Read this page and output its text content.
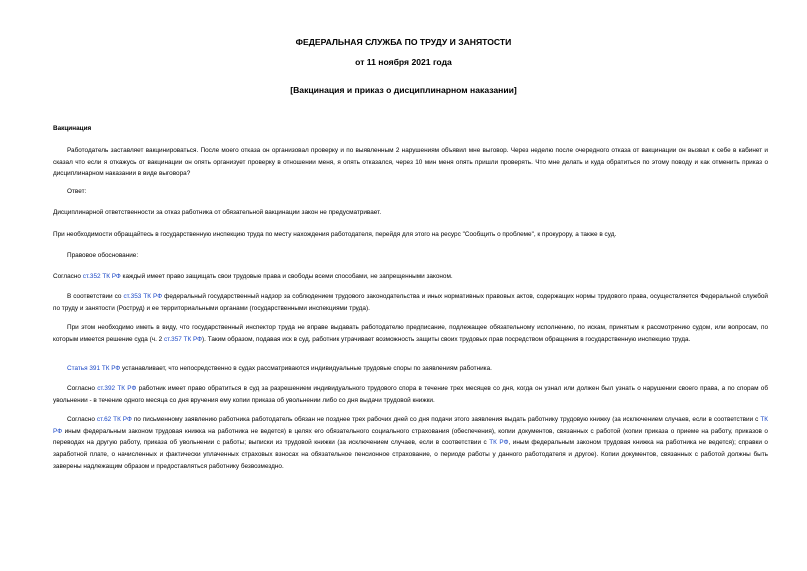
ФЕДЕРАЛЬНАЯ СЛУЖБА ПО ТРУДУ И ЗАНЯТОСТИ
от 11 ноября 2021 года
[Вакцинация и приказ о дисциплинарном наказании]

Вакцинация

Работодатель заставляет вакцинироваться. После моего отказа он организовал проверку и по выявленным 2 нарушениям объявил мне выговор. Через неделю после очередного отказа от вакцинации он вызвал к себе в кабинет и сказал что если я откажусь от вакцинации он опять организует проверку в отношении меня, я опять отказался, через 10 мин меня опять пришли проверять. Что мне делать и куда обратиться по этому поводу и как отменить приказ о дисциплинарном наказании в виде выговора?

Ответ:

Дисциплинарной ответственности за отказ работника от обязательной вакцинации закон не предусматривает.

При необходимости обращайтесь в государственную инспекцию труда по месту нахождения работодателя, перейдя для этого на ресурс "Сообщить о проблеме", к прокурору, а также в суд.

Правовое обоснование:

Согласно ст.352 ТК РФ каждый имеет право защищать свои трудовые права и свободы всеми способами, не запрещенными законом.

В соответствии со ст.353 ТК РФ федеральный государственный надзор за соблюдением трудового законодательства и иных нормативных правовых актов, содержащих нормы трудового права, осуществляется Федеральной службой по труду и занятости (Роструд) и ее территориальными органами (государственными инспекциями труда).

При этом необходимо иметь в виду, что государственный инспектор труда не вправе выдавать работодателю предписание, подлежащее обязательному исполнению, по искам, принятым к рассмотрению судом, или вопросам, по которым имеется решение суда (ч. 2 ст.357 ТК РФ). Таким образом, подавая иск в суд, работник утрачивает возможность защиты своих трудовых прав посредством обращения в государственную инспекцию труда.

Статья 391 ТК РФ устанавливает, что непосредственно в судах рассматриваются индивидуальные трудовые споры по заявлениям работника.

Согласно ст.392 ТК РФ работник имеет право обратиться в суд за разрешением индивидуального трудового спора в течение трех месяцев со дня, когда он узнал или должен был узнать о нарушении своего права, а по спорам об увольнении - в течение одного месяца со дня вручения ему копии приказа об увольнении либо со дня выдачи трудовой книжки.

Согласно ст.62 ТК РФ по письменному заявлению работника работодатель обязан не позднее трех рабочих дней со дня подачи этого заявления выдать работнику трудовую книжку (за исключением случаев, если в соответствии с ТК РФ иным федеральным законом трудовая книжка на работника не ведется) в целях его обязательного социального страхования (обеспечения), копии документов, связанных с работой (копии приказа о приеме на работу, приказов о переводах на другую работу, приказа об увольнении с работы; выписки из трудовой книжки (за исключением случаев, если в соответствии с ТК РФ, иным федеральным законом трудовая книжка на работника не ведется); справки о заработной плате, о начисленных и фактически уплаченных страховых взносах на обязательное пенсионное страхование, о периоде работы у данного работодателя и другое). Копии документов, связанных с работой должны быть заверены надлежащим образом и предоставляться работнику безвозмездно.
